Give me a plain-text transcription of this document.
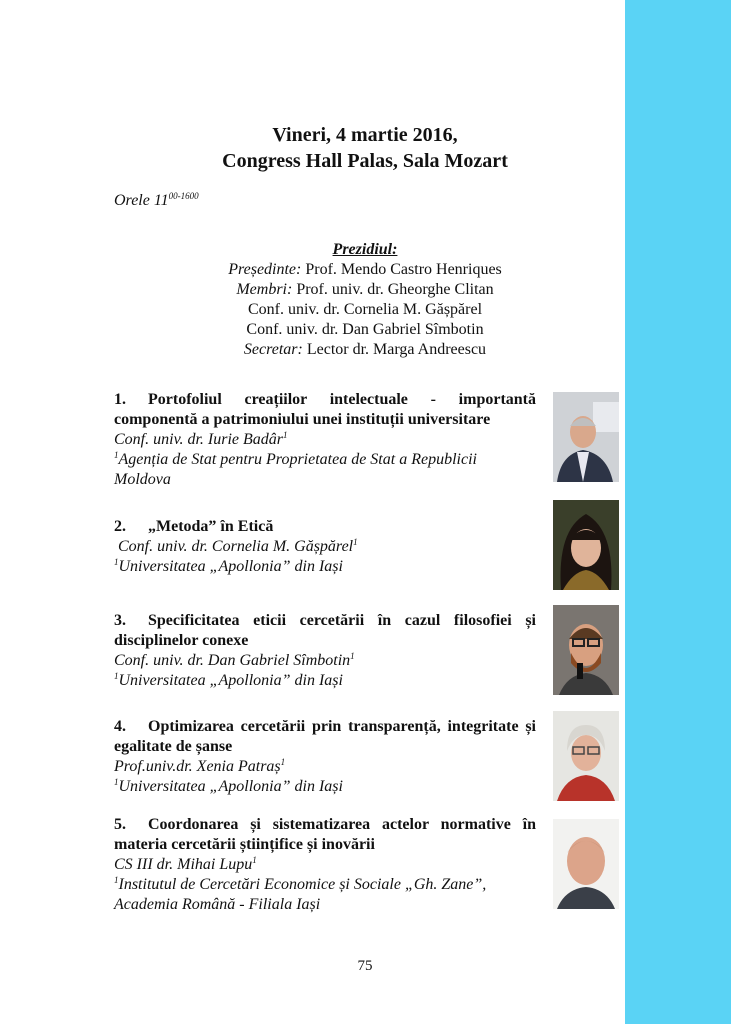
Vineri, 4 martie 2016,
Congress Hall Palas, Sala Mozart
Orele $11^{00-1600}$
Prezidiul:
Președinte: Prof. Mendo Castro Henriques
Membri: Prof. univ. dr. Gheorghe Clitan
Conf. univ. dr. Cornelia M. Gășpărel
Conf. univ. dr. Dan Gabriel Sîmbotin
Secretar: Lector dr. Marga Andreescu
1. Portofoliul creațiilor intelectuale - importantă componentă a patrimoniului unei instituții universitare
Conf. univ. dr. Iurie Badâr$^1$
$^1$Agenția de Stat pentru Proprietatea de Stat a Republicii Moldova
2. „Metoda” în Etică
Conf. univ. dr. Cornelia M. Gășpărel$^1$
$^1$Universitatea „Apollonia” din Iași
3. Specificitatea eticii cercetării în cazul filosofiei și disciplinelor conexe
Conf. univ. dr. Dan Gabriel Sîmbotin$^1$
$^1$Universitatea „Apollonia” din Iași
4. Optimizarea cercetării prin transparență, integritate și egalitate de șanse
Prof.univ.dr. Xenia Patraș$^1$
$^1$Universitatea „Apollonia” din Iași
5. Coordonarea și sistematizarea actelor normative în materia cercetării științifice și inovării
CS III dr. Mihai Lupu$^1$
$^1$Institutul de Cercetări Economice și Sociale „Gh. Zane”, Academia Română - Filiala Iași
75
